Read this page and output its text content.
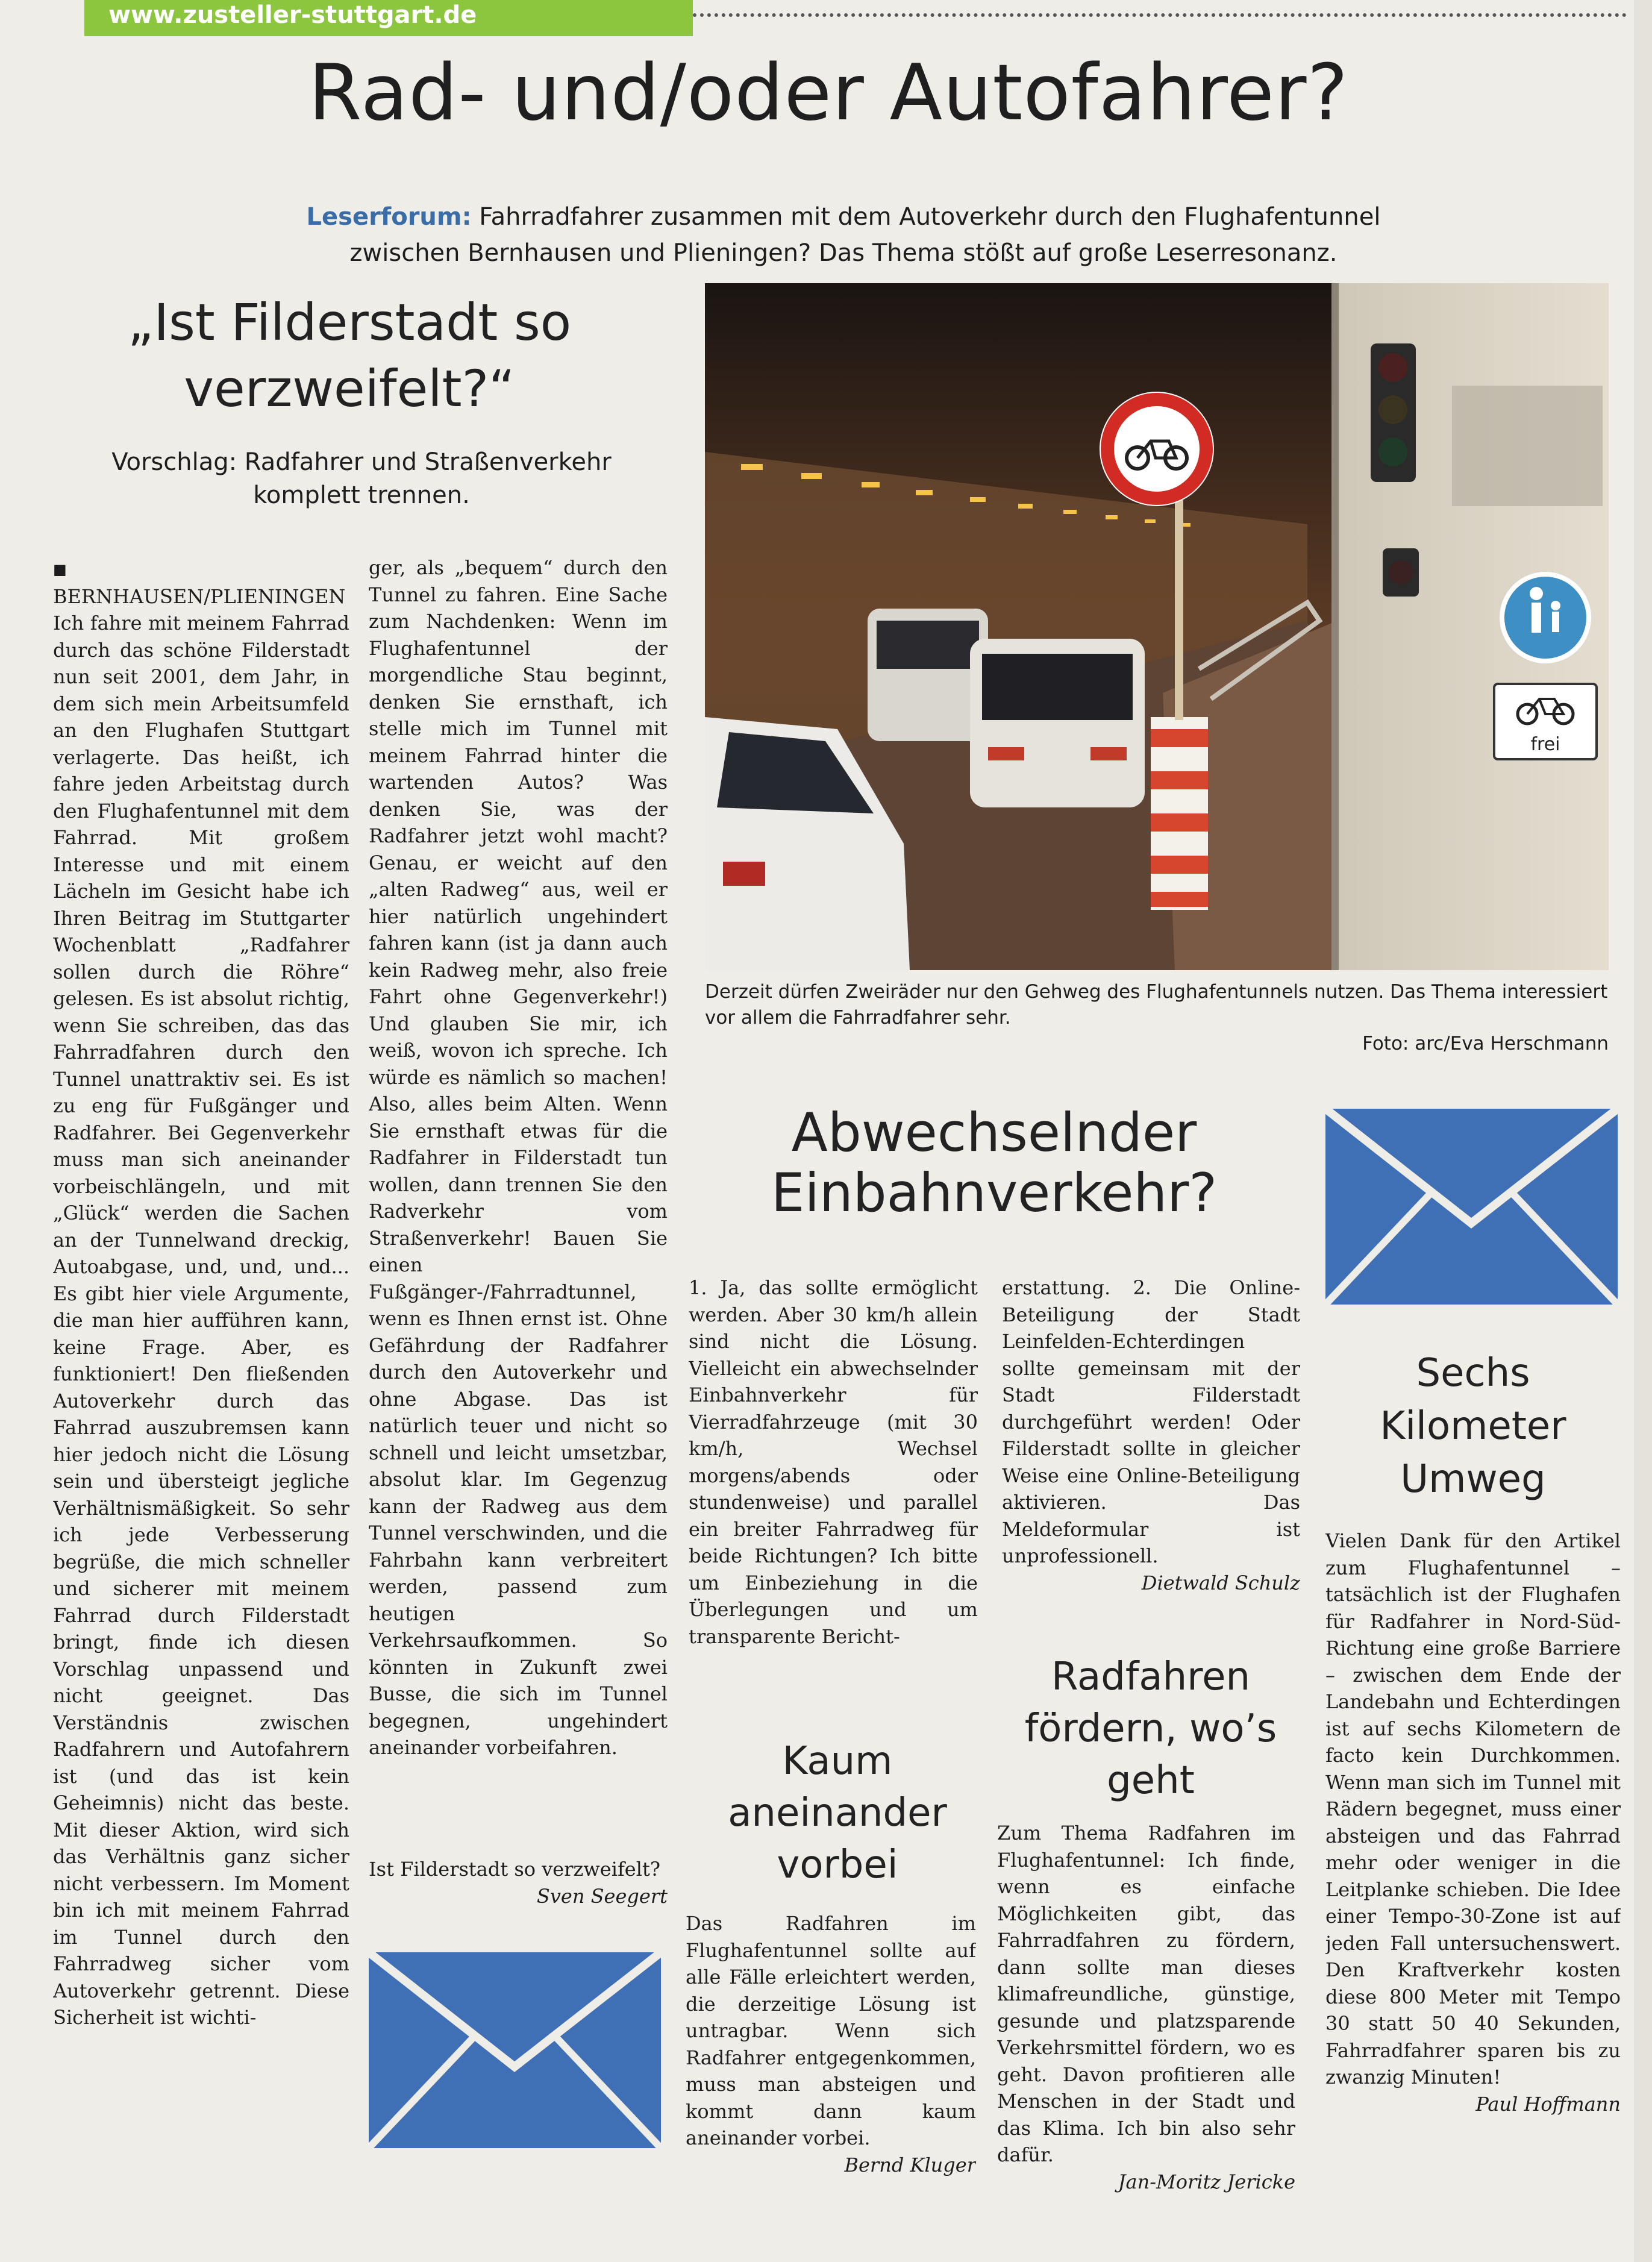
www.zusteller-stuttgart.de
Rad- und/oder Autofahrer?
Leserforum: Fahrradfahrer zusammen mit dem Autoverkehr durch den Flughafentunnel
zwischen Bernhausen und Plieningen? Das Thema stößt auf große Leserresonanz.
„Ist Filderstadt so verzweifelt?“
Vorschlag: Radfahrer und Straßenverkehr komplett trennen.

■ BERNHAUSEN/PLIENINGEN

Ich fahre mit meinem Fahrrad durch das schöne Filderstadt nun seit 2001, dem Jahr, in dem sich mein Arbeitsumfeld an den Flughafen Stuttgart verlagerte. Das heißt, ich fahre jeden Arbeitstag durch den Flughafentunnel mit dem Fahrrad. Mit großem Interesse und mit einem Lächeln im Gesicht habe ich Ihren Beitrag im Stuttgarter Wochenblatt „Radfahrer sollen durch die Röhre“ gelesen. Es ist absolut richtig, wenn Sie schreiben, das das Fahrradfahren durch den Tunnel unattraktiv sei. Es ist zu eng für Fußgänger und Radfahrer. Bei Gegenverkehr muss man sich aneinander vorbeischlängeln, und mit „Glück“ werden die Sachen an der Tunnelwand dreckig, Autoabgase, und, und, und... Es gibt hier viele Argumente, die man hier aufführen kann, keine Frage. Aber, es funktioniert! Den fließenden Autoverkehr durch das Fahrrad auszubremsen kann hier jedoch nicht die Lösung sein und übersteigt jegliche Verhältnismäßigkeit. So sehr ich jede Verbesserung begrüße, die mich schneller und sicherer mit meinem Fahrrad durch Filderstadt bringt, finde ich diesen Vorschlag unpassend und nicht geeignet. Das Verständnis zwischen Radfahrern und Autofahrern ist (und das ist kein Geheimnis) nicht das beste. Mit dieser Aktion, wird sich das Verhältnis ganz sicher nicht verbessern. Im Moment bin ich mit meinem Fahrrad im Tunnel durch den Fahrradweg sicher vom Autoverkehr getrennt. Diese Sicherheit ist wichti-

ger, als „bequem“ durch den Tunnel zu fahren. Eine Sache zum Nachdenken: Wenn im Flughafentunnel der morgendliche Stau beginnt, denken Sie ernsthaft, ich stelle mich im Tunnel mit meinem Fahrrad hinter die wartenden Autos? Was denken Sie, was der Radfahrer jetzt wohl macht? Genau, er weicht auf den „alten Radweg“ aus, weil er hier natürlich ungehindert fahren kann (ist ja dann auch kein Radweg mehr, also freie Fahrt ohne Gegenverkehr!) Und glauben Sie mir, ich weiß, wovon ich spreche. Ich würde es nämlich so machen! Also, alles beim Alten. Wenn Sie ernsthaft etwas für die Radfahrer in Filderstadt tun wollen, dann trennen Sie den Radverkehr vom Straßenverkehr! Bauen Sie einen Fußgänger-/Fahrradtunnel, wenn es Ihnen ernst ist. Ohne Gefährdung der Radfahrer durch den Autoverkehr und ohne Abgase. Das ist natürlich teuer und nicht so schnell und leicht umsetzbar, absolut klar. Im Gegenzug kann der Radweg aus dem Tunnel verschwinden, und die Fahrbahn kann verbreitert werden, passend zum heutigen Verkehrsaufkommen. So könnten in Zukunft zwei Busse, die sich im Tunnel begegnen, ungehindert aneinander vorbeifahren.

Ist Filderstadt so verzweifelt?

Sven Seegert
frei
Derzeit dürfen Zweiräder nur den Gehweg des Flughafentunnels nutzen. Das Thema interessiert vor allem die Fahrradfahrer sehr.
Foto: arc/Eva Herschmann
Abwechselnder Einbahnverkehr?

1. Ja, das sollte ermöglicht werden. Aber 30 km/h allein sind nicht die Lösung. Vielleicht ein abwechselnder Einbahnverkehr für Vierradfahrzeuge (mit 30 km/h, Wechsel morgens/abends oder stundenweise) und parallel ein breiter Fahrradweg für beide Richtungen? Ich bitte um Einbeziehung in die Überlegungen und um transparente Bericht-

erstattung. 2. Die Online-Beteiligung der Stadt Leinfelden-Echterdingen sollte gemeinsam mit der Stadt Filderstadt durchgeführt werden! Oder Filderstadt sollte in gleicher Weise eine Online-Beteiligung aktivieren. Das Meldeformular ist unprofessionell.

Dietwald Schulz
Kaum aneinander vorbei

Das Radfahren im Flughafentunnel sollte auf alle Fälle erleichtert werden, die derzeitige Lösung ist untragbar. Wenn sich Radfahrer entgegenkommen, muss man absteigen und kommt dann kaum aneinander vorbei.

Bernd Kluger
Radfahren fördern, wo’s geht

Zum Thema Radfahren im Flughafentunnel: Ich finde, wenn es einfache Möglichkeiten gibt, das Fahrradfahren zu fördern, dann sollte man dieses klimafreundliche, günstige, gesunde und platzsparende Verkehrsmittel fördern, wo es geht. Davon profitieren alle Menschen in der Stadt und das Klima. Ich bin also sehr dafür.

Jan-Moritz Jericke
Sechs Kilometer Umweg

Vielen Dank für den Artikel zum Flughafentunnel – tatsächlich ist der Flughafen für Radfahrer in Nord-Süd-Richtung eine große Barriere – zwischen dem Ende der Landebahn und Echterdingen ist auf sechs Kilometern de facto kein Durchkommen. Wenn man sich im Tunnel mit Rädern begegnet, muss einer absteigen und das Fahrrad mehr oder weniger in die Leitplanke schieben. Die Idee einer Tempo-30-Zone ist auf jeden Fall untersuchenswert. Den Kraftverkehr kosten diese 800 Meter mit Tempo 30 statt 50 40 Sekunden, Fahrradfahrer sparen bis zu zwanzig Minuten!

Paul Hoffmann
